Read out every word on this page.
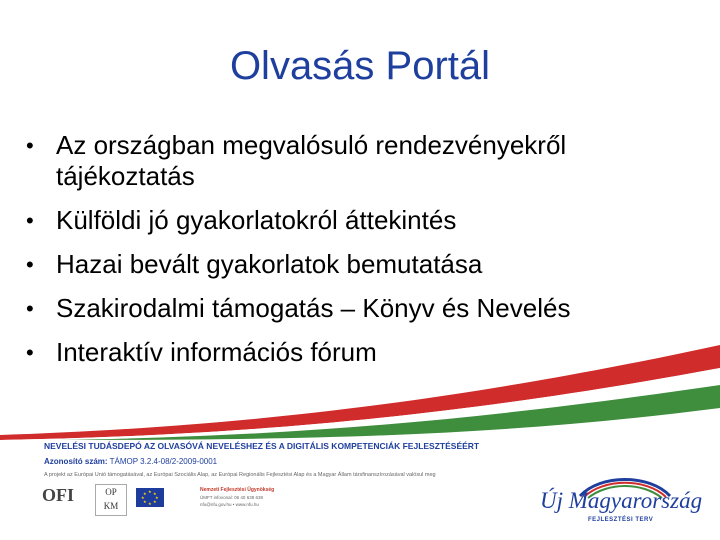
Olvasás Portál
• Az országban megvalósuló rendezvényekről tájékoztatás
• Külföldi jó gyakorlatokról áttekintés
• Hazai bevált gyakorlatok bemutatása
• Szakirodalmi támogatás – Könyv és Nevelés
• Interaktív információs fórum
NEVELÉSI TUDÁSDEPÓ AZ OLVASÓVÁ NEVELÉSHEZ ÉS A DIGITÁLIS KOMPETENCIÁK FEJLESZTÉSÉÉRT
Azonosító szám: TÁMOP 3.2.4-08/2-2009-0001
A projekt az Európai Unió támogatásával, az Európai Szociális Alap, az Európai Regionális Fejlesztési Alap és a Magyar Állam társfinanszírozásával valósul meg
OFI	OP
KM
★ ★
★
★
★
★
★
★
Nemzeti Fejlesztési Ügynökség
ÚMFT infovonal: 06 40 638 638
nfu@nfu.gov.hu • www.nfu.hu	Új Magyarország
FEJLESZTÉSI TERV
